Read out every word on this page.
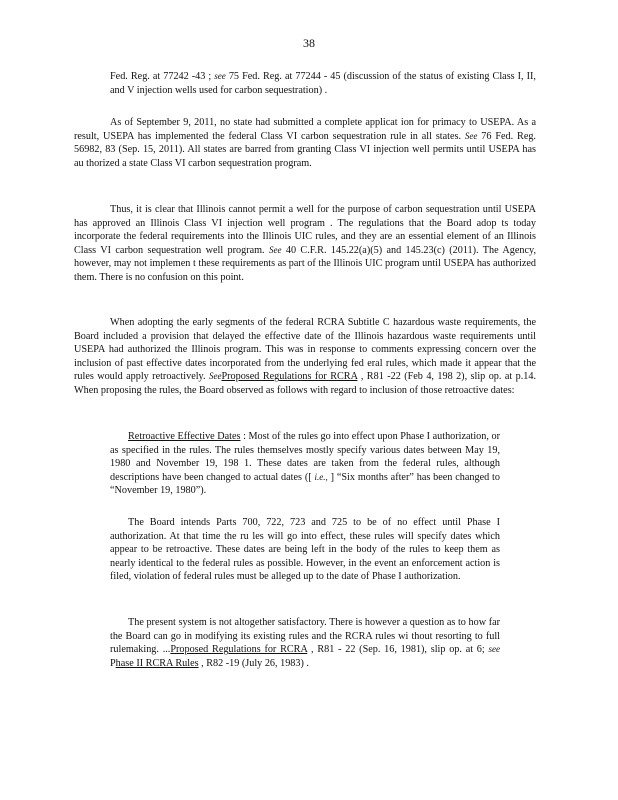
38

Fed. Reg. at 77242 -43 ; see 75 Fed. Reg. at 77244 - 45 (discussion of the status of existing Class I, II, and V injection wells used for carbon sequestration) .

As of September 9, 2011, no state had submitted a complete applicat ion for primacy to USEPA. As a result, USEPA has implemented the federal Class VI carbon sequestration rule in all states. See 76 Fed. Reg. 56982, 83 (Sep. 15, 2011). All states are barred from granting Class VI injection well permits until USEPA has au thorized a state Class VI carbon sequestration program.

Thus, it is clear that Illinois cannot permit a well for the purpose of carbon sequestration until USEPA has approved an Illinois Class VI injection well program . The regulations that the Board adop ts today incorporate the federal requirements into the Illinois UIC rules, and they are an essential element of an Illinois Class VI carbon sequestration well program. See 40 C.F.R. 145.22(a)(5) and 145.23(c) (2011). The Agency, however, may not implemen t these requirements as part of the Illinois UIC program until USEPA has authorized them. There is no confusion on this point.

When adopting the early segments of the federal RCRA Subtitle C hazardous waste requirements, the Board included a provision that delayed the effective date of the Illinois hazardous waste requirements until USEPA had authorized the Illinois program. This was in response to comments expressing concern over the inclusion of past effective dates incorporated from the underlying fed eral rules, which made it appear that the rules would apply retroactively. SeeProposed Regulations for RCRA , R81 -22 (Feb 4, 198 2), slip op. at p.14. When proposing the rules, the Board observed as follows with regard to inclusion of those retroactive dates:

Retroactive Effective Dates : Most of the rules go into effect upon Phase I authorization, or as specified in the rules. The rules themselves mostly specify various dates between May 19, 1980 and November 19, 198 1. These dates are taken from the federal rules, although descriptions have been changed to actual dates ([ i.e., ] “Six months after” has been changed to “November 19, 1980”).

The Board intends Parts 700, 722, 723 and 725 to be of no effect until Phase I authorization. At that time the ru les will go into effect, these rules will specify dates which appear to be retroactive. These dates are being left in the body of the rules to keep them as nearly identical to the federal rules as possible. However, in the event an enforcement action is filed, violation of federal rules must be alleged up to the date of Phase I authorization.

The present system is not altogether satisfactory. There is however a question as to how far the Board can go in modifying its existing rules and the RCRA rules wi thout resorting to full rulemaking. ...Proposed Regulations for RCRA , R81 - 22 (Sep. 16, 1981), slip op. at 6; see Phase II RCRA Rules , R82 -19 (July 26, 1983) .
